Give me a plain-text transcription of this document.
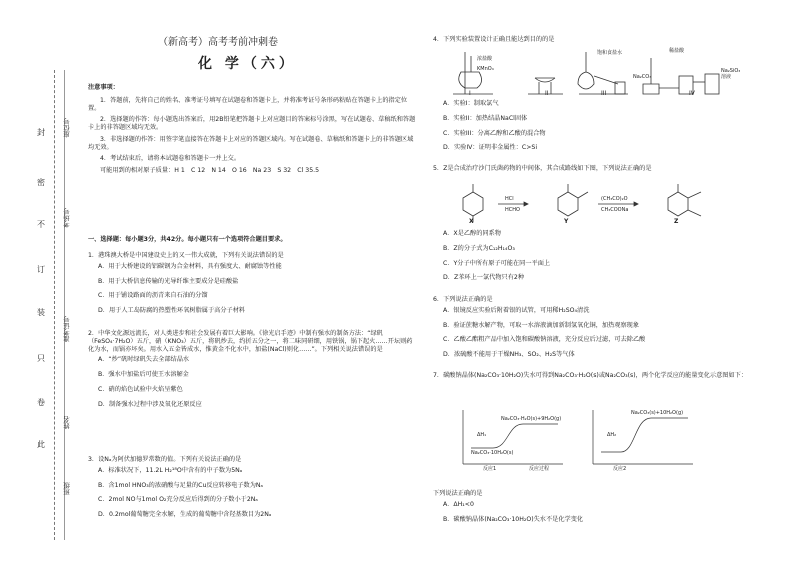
封
密
不
订
装
只
卷
此
座位号
考场号
准考证号
姓名
班级
（新高考）高考考前冲刺卷
化 学（六）
注意事项：
1．答题前，先将自己的姓名、准考证号填写在试题卷和答题卡上，并将准考证号条形码粘贴在答题卡上的指定位置。
2．选择题的作答：每小题选出答案后，用2B铅笔把答题卡上对应题目的答案标号涂黑，写在试题卷、草稿纸和答题卡上的非答题区域均无效。
3．非选择题的作答：用签字笔直接答在答题卡上对应的答题区域内。写在试题卷、草稿纸和答题卡上的非答题区域均无效。
4．考试结束后，请将本试题卷和答题卡一并上交。
可能用到的相对原子质量：H 1　C 12　N 14　O 16　Na 23　S 32　Cl 35.5
一、选择题：每小题3分，共42分。每小题只有一个选项符合题目要求。
1．港珠澳大桥是中国建设史上的又一伟大成就，下列有关说法错误的是
A．用于大桥建设的铝碳钢为合金材料，具有强度大、耐腐蚀等性能
B．用于大桥信息传输的光导纤维主要成分是硅酸盐
C．用于铺设路面的沥青来自石油的分馏
D．用于人工岛防腐的热塑性环氧树脂属于高分子材料
2．中华文化源远流长，对人类进步和社会发展有着巨大影响。《徐光启手迹》中制有强水的制备方法：“绿矾（FeSO₄·7H₂O）五斤，硝（KNO₃）五斤，将矾炒去，约折五分之一，将二味同研细，用铁锅，锅下起火……开坛则药化为水，而锅亦坏矣。用水入五金皆成水，惟黄金不化水中，加盐(NaCl)则化……”。下列相关说法错误的是
A．“炒”矾时绿矾失去全部结晶水
B．强水中加盐后可使王水溶解金
C．硝的焰色试验中火焰呈紫色
D．制备强水过程中涉及氧化还原反应
3．设Nₐ为阿伏加德罗常数的值。下列有关说法正确的是
A．标准状况下，11.2L H₂¹⁸O中含有的中子数为5Nₐ
B．含1mol HNO₃的浓硝酸与足量的Cu反应转移电子数为Nₐ
C．2mol NO与1mol O₂充分反应后得到的分子数小于2Nₐ
D．0.2mol葡萄糖完全水解，生成的葡萄糖中含羟基数目为2Nₐ
4．下列实验装置设计正确且能达到目的的是
浓盐酸
KMnO₄
饱和食盐水
Na₂CO₃
稀盐酸
Na₂SiO₃溶液
I	II	III	IV
A．实验I：制取氯气
B．实验II：加热结晶NaCl固体
C．实验III：分离乙醇和乙酸的混合物
D．实验IV：证明非金属性：C>Si
5．Z是合成治疗沙门氏菌药物的中间体，其合成路线如下图，下列说法正确的是
X	Y	Z
HCl
HCHO
(CH₃CO)₂O
CH₃COONa
A．X是乙醇的同系物
B．Z的分子式为C₁₂H₁₄O₃
C．Y分子中所有原子可能在同一平面上
D．Z苯环上一氯代物只有2种
6．下列说法正确的是
A．银镜反应实验后附着银的试管，可用稀H₂SO₄清洗
B．验证蔗糖水解产物，可取一水溶液滴加新制氢氧化铜，加热观察现象
C．乙酸乙酯粗产品中加入饱和碳酸钠溶液，充分反应后过滤，可去除乙酸
D．浓硫酸不能用于干燥NH₃、SO₂、H₂S等气体
7．碳酸钠晶体(Na₂CO₃·10H₂O)失水可得到Na₂CO₃·H₂O(s)或Na₂CO₃(s)，两个化学反应的能量变化示意图如下：
反应1	反应2
ΔH₁	ΔH₂
Na₂CO₃·10H₂O(s)
Na₂CO₃·H₂O(s)+9H₂O(g)
Na₂CO₃(s)+10H₂O(g)
反应过程
下列说法正确的是
A．ΔH₁<0
B．碳酸钠晶体(Na₂CO₃·10H₂O)失水不是化学变化
